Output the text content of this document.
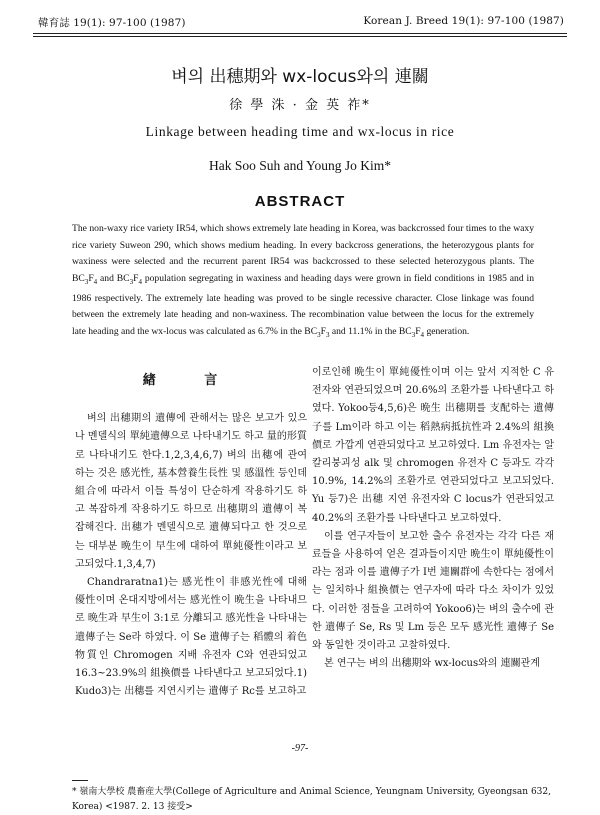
韓育誌 19(1): 97-100 (1987)	Korean J. Breed 19(1): 97-100 (1987)
벼의 出穗期와 wx-locus와의 連關
徐 學 洙 · 金 英 祚*
Linkage between heading time and wx-locus in rice
Hak Soo Suh and Young Jo Kim*
ABSTRACT
The non-waxy rice variety IR54, which shows extremely late heading in Korea, was backcrossed four times to the waxy rice variety Suweon 290, which shows medium heading. In every backcross generations, the heterozygous plants for waxiness were selected and the recurrent parent IR54 was backcrossed to these selected heterozygous plants. The $BC_3F_4$ and $BC_3F_4$ population segregating in waxiness and heading days were grown in field conditions in 1985 and in 1986 respectively. The extremely late heading was proved to be single recessive character. Close linkage was found between the extremely late heading and non-waxiness. The recombination value between the locus for the extremely late heading and the wx-locus was calculated as 6.7% in the $BC_3F_3$ and 11.1% in the $BC_3F_4$ generation.
緖 言

벼의 出穗期의 遺傳에 관해서는 많은 보고가 있으나 멘델식의 單純遺傳으로 나타내기도 하고 量的形質로 나타내기도 한다.1,2,3,4,6,7) 벼의 出穗에 관여하는 것은 感光性, 基本營養生長性 및 感溫性 등인데 組合에 따라서 이들 특성이 단순하게 작용하기도 하고 복잡하게 작용하기도 하므로 出穗期의 遺傳이 복잡해진다. 出穗가 멘델식으로 遺傳되다고 한 것으로는 대부분 晩生이 早生에 대하여 單純優性이라고 보고되었다.1,3,4,7)

Chandraratna1)는 感光性이 非感光性에 대해 優性이며 온대지방에서는 感光性이 晩生을 나타내므로 晩生과 早生이 3:1로 分離되고 感光性을 나타내는 遺傳子는 Se라 하였다. 이 Se 遺傳子는 稻體의 着色物質인 Chromogen 지배 유전자 C와 연관되었고 16.3~23.9%의 組換價를 나타낸다고 보고되었다.1) Kudo3)는 出穗를 지연시키는 遺傳子 Rc를 보고하고

이로인해 晩生이 單純優性이며 이는 앞서 지적한 C 유전자와 연관되었으며 20.6%의 조환가를 나타낸다고 하였다. Yokoo등4,5,6)은 晩生 出穗期를 支配하는 遺傳子를 Lm이라 하고 이는 稻熱病抵抗性과 2.4%의 組換價로 가깝게 연관되었다고 보고하였다. Lm 유전자는 알칼리붕괴성 alk 및 chromogen 유전자 C 등과도 각각 10.9%, 14.2%의 조환가로 연관되었다고 보고되었다. Yu 등7)은 出穗 지연 유전자와 C locus가 연관되었고 40.2%의 조환가를 나타낸다고 보고하였다.

이를 연구자들이 보고한 출수 유전자는 각각 다른 재료들을 사용하여 얻은 결과들이지만 晩生이 單純優性이라는 점과 이를 遺傳子가 Ⅰ번 連關群에 속한다는 점에서는 일치하나 組換價는 연구자에 따라 다소 차이가 있었다. 이러한 점들을 고려하여 Yokoo6)는 벼의 출수에 관한 遺傳子 Se, Rs 및 Lm 등은 모두 感光性 遺傳子 Se와 동일한 것이라고 고찰하였다.

본 연구는 벼의 出穗期와 wx-locus와의 連關관계

-97-
* 嶺南大學校 農畜産大學(College of Agriculture and Animal Science, Yeungnam University, Gyeongsan 632, Korea) <1987. 2. 13 接受>
